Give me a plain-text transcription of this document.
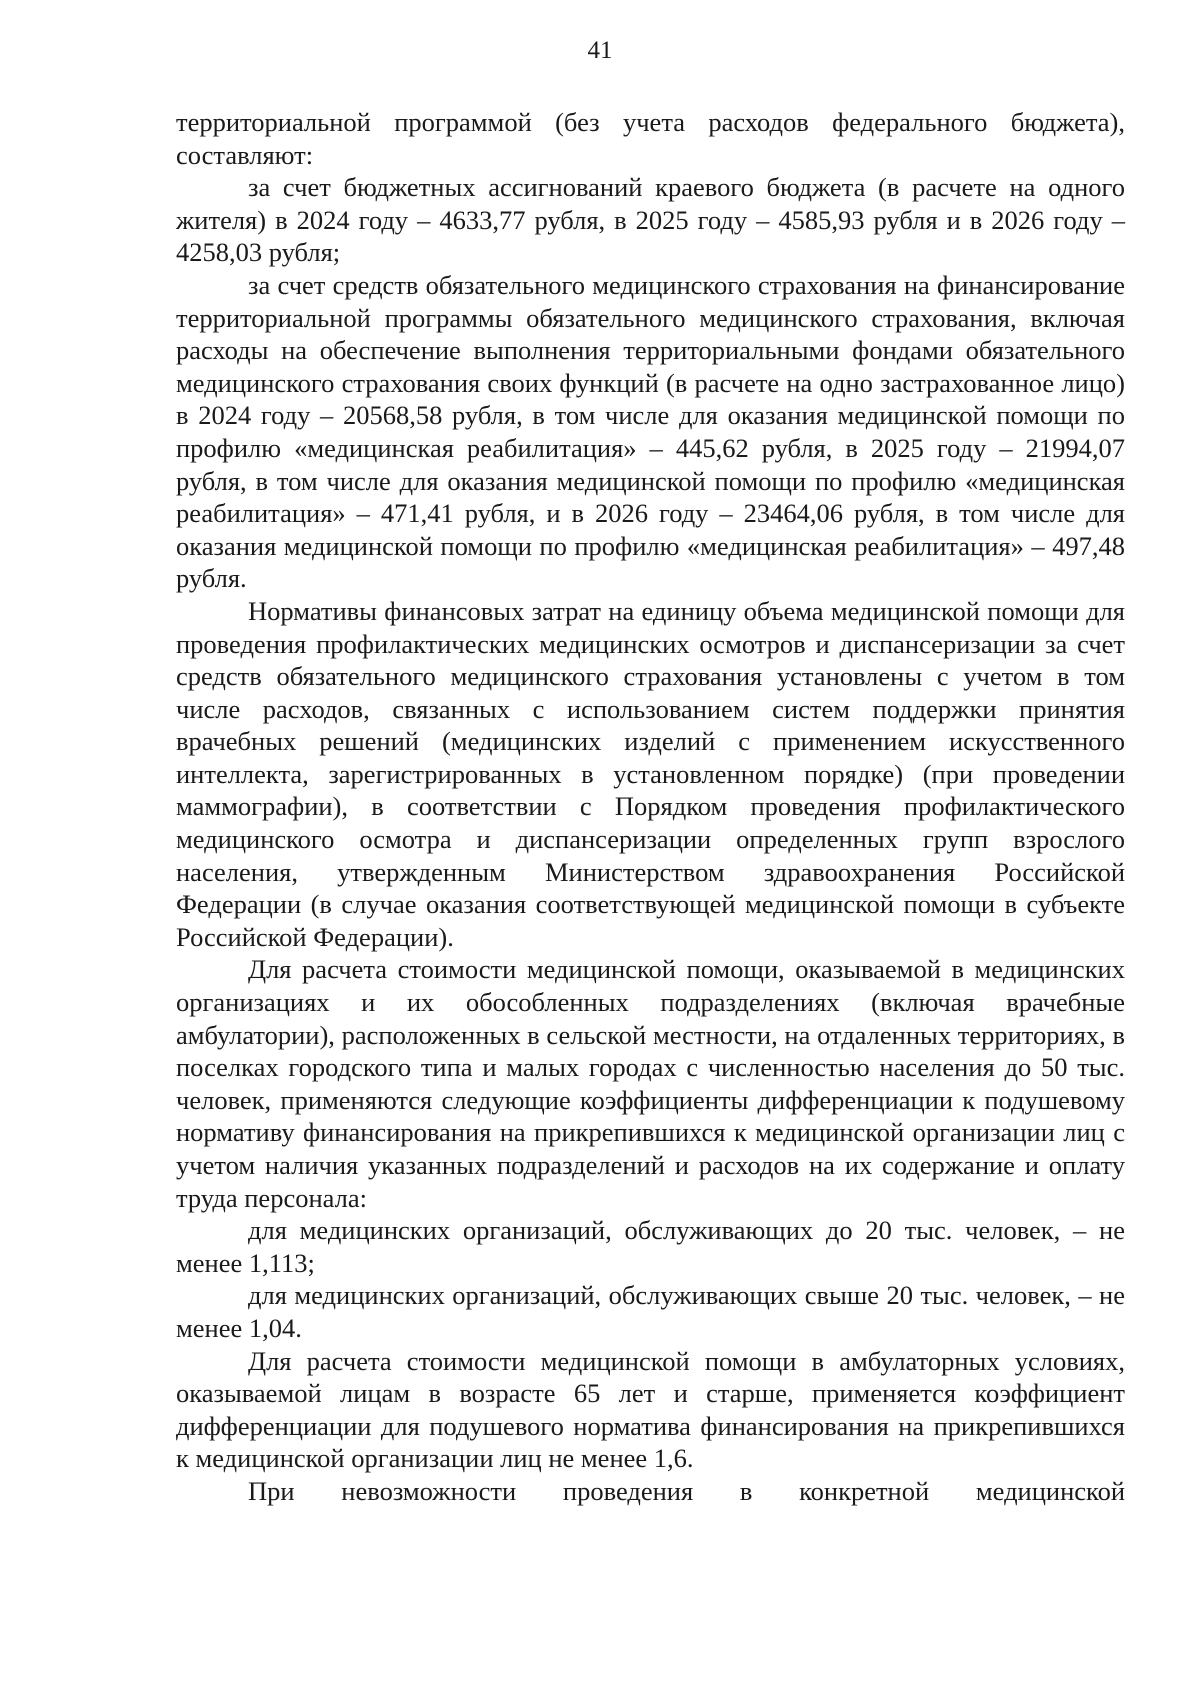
41

территориальной программой (без учета расходов федерального бюджета), составляют:

за счет бюджетных ассигнований краевого бюджета (в расчете на одного жителя) в 2024 году – 4633,77 рубля, в 2025 году – 4585,93 рубля и в 2026 году – 4258,03 рубля;

за счет средств обязательного медицинского страхования на финансирование территориальной программы обязательного медицинского страхования, включая расходы на обеспечение выполнения территориальными фондами обязательного медицинского страхования своих функций (в расчете на одно застрахованное лицо) в 2024 году – 20568,58 рубля, в том числе для оказания медицинской помощи по профилю «медицинская реабилитация» – 445,62 рубля, в 2025 году – 21994,07 рубля, в том числе для оказания медицинской помощи по профилю «медицинская реабилитация» – 471,41 рубля, и в 2026 году – 23464,06 рубля, в том числе для оказания медицинской помощи по профилю «медицинская реабилитация» – 497,48 рубля.

Нормативы финансовых затрат на единицу объема медицинской помощи для проведения профилактических медицинских осмотров и диспансеризации за счет средств обязательного медицинского страхования установлены с учетом в том числе расходов, связанных с использованием систем поддержки принятия врачебных решений (медицинских изделий с применением искусственного интеллекта, зарегистрированных в установленном порядке) (при проведении маммографии), в соответствии с Порядком проведения профилактического медицинского осмотра и диспансеризации определенных групп взрослого населения, утвержденным Министерством здравоохранения Российской Федерации (в случае оказания соответствующей медицинской помощи в субъекте Российской Федерации).

Для расчета стоимости медицинской помощи, оказываемой в медицинских организациях и их обособленных подразделениях (включая врачебные амбулатории), расположенных в сельской местности, на отдаленных территориях, в поселках городского типа и малых городах с численностью населения до 50 тыс. человек, применяются следующие коэффициенты дифференциации к подушевому нормативу финансирования на прикрепившихся к медицинской организации лиц с учетом наличия указанных подразделений и расходов на их содержание и оплату труда персонала:

для медицинских организаций, обслуживающих до 20 тыс. человек, – не менее 1,113;

для медицинских организаций, обслуживающих свыше 20 тыс. человек, – не менее 1,04.

Для расчета стоимости медицинской помощи в амбулаторных условиях, оказываемой лицам в возрасте 65 лет и старше, применяется коэффициент дифференциации для подушевого норматива финансирования на прикрепившихся к медицинской организации лиц не менее 1,6.

При невозможности проведения в конкретной медицинской
